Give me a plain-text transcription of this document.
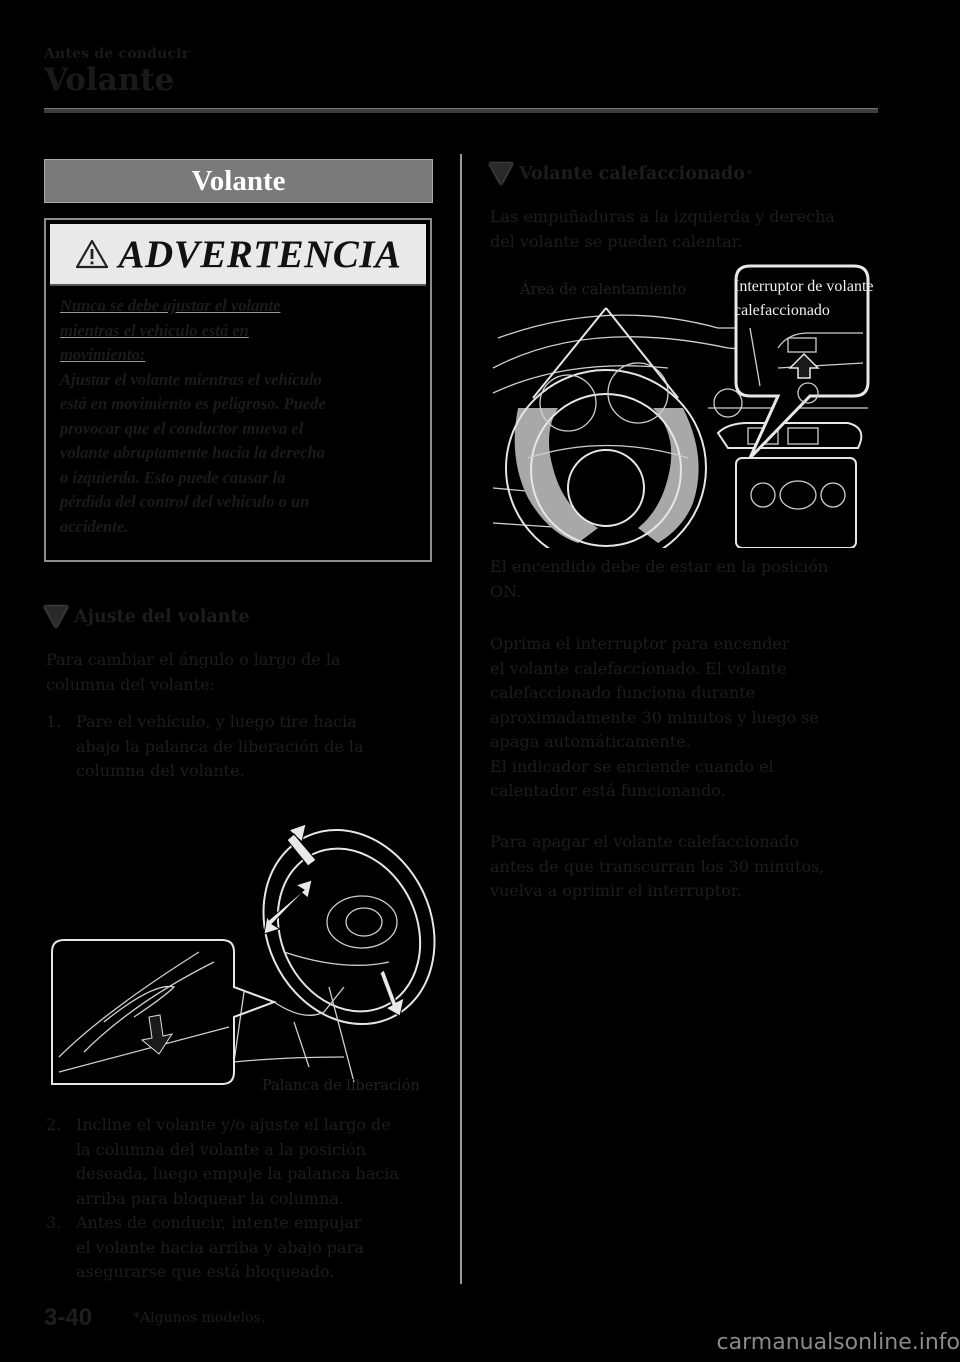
Antes de conducir
Volante
Volante
ADVERTENCIA
Nunca se debe ajustar el volante
mientras el vehículo está en
movimiento:
Ajustar el volante mientras el vehículo
está en movimiento es peligroso. Puede
provocar que el conductor mueva el
volante abruptamente hacia la derecha
o izquierda. Esto puede causar la
pérdida del control del vehículo o un
accidente.
Ajuste del volante
Para cambiar el ángulo o largo de la
columna del volante:
1. Pare el vehículo, y luego tire hacia
abajo la palanca de liberación de la
columna del volante.
Palanca de liberación
2. Incline el volante y/o ajuste el largo de
la columna del volante a la posición
deseada, luego empuje la palanca hacia
arriba para bloquear la columna.
3. Antes de conducir, intente empujar
el volante hacia arriba y abajo para
asegurarse que está bloqueado.
Volante calefaccionado *
Las empuñaduras a la izquierda y derecha
del volante se pueden calentar.
Área de calentamiento	Interruptor de volante
calefaccionado
El encendido debe de estar en la posición
ON.
Oprima el interruptor para encender
el volante calefaccionado. El volante
calefaccionado funciona durante
aproximadamente 30 minutos y luego se
apaga automáticamente.
El indicador se enciende cuando el
calentador está funcionando.
Para apagar el volante calefaccionado
antes de que transcurran los 30 minutos,
vuelva a oprimir el interruptor.
3-40	*Algunos modelos.
carmanualsonline.info
